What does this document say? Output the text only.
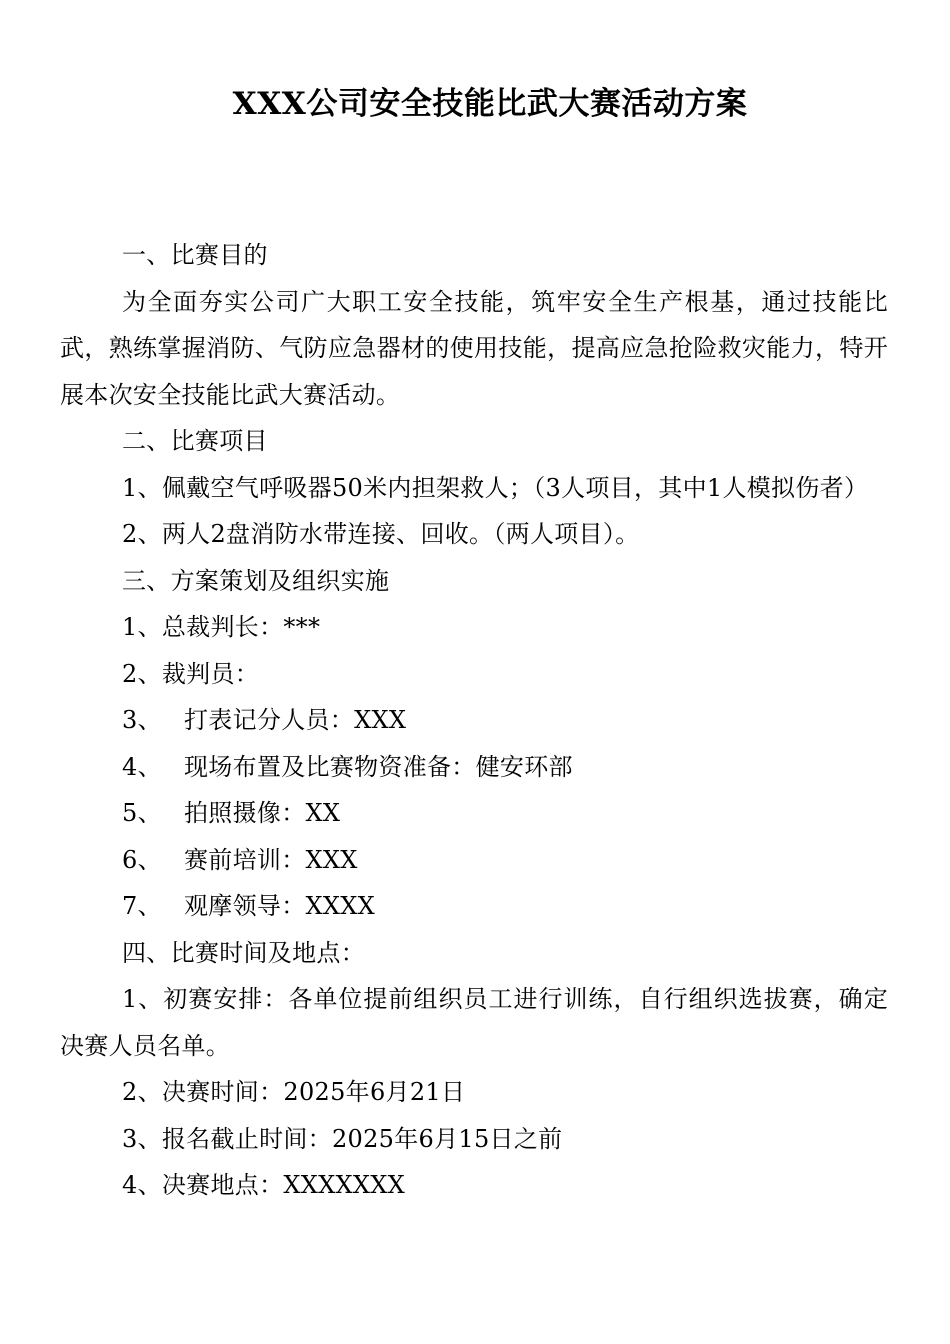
XXX公司安全技能比武大赛活动方案

一、比赛目的

为全面夯实公司广大职工安全技能，筑牢安全生产根基，通过技能比武，熟练掌握消防、气防应急器材的使用技能，提高应急抢险救灾能力，特开展本次安全技能比武大赛活动。

二、比赛项目

1、佩戴空气呼吸器50米内担架救人；（3人项目，其中1人模拟伤者）

2、两人2盘消防水带连接、回收。（两人项目）。

三、方案策划及组织实施

1、总裁判长：***

2、裁判员：

3、 打表记分人员：XXX

4、 现场布置及比赛物资准备：健安环部

5、 拍照摄像：XX

6、 赛前培训：XXX

7、 观摩领导：XXXX

四、比赛时间及地点：

1、初赛安排：各单位提前组织员工进行训练，自行组织选拔赛，确定决赛人员名单。

2、决赛时间：2025年6月21日

3、报名截止时间：2025年6月15日之前

4、决赛地点：XXXXXXX
